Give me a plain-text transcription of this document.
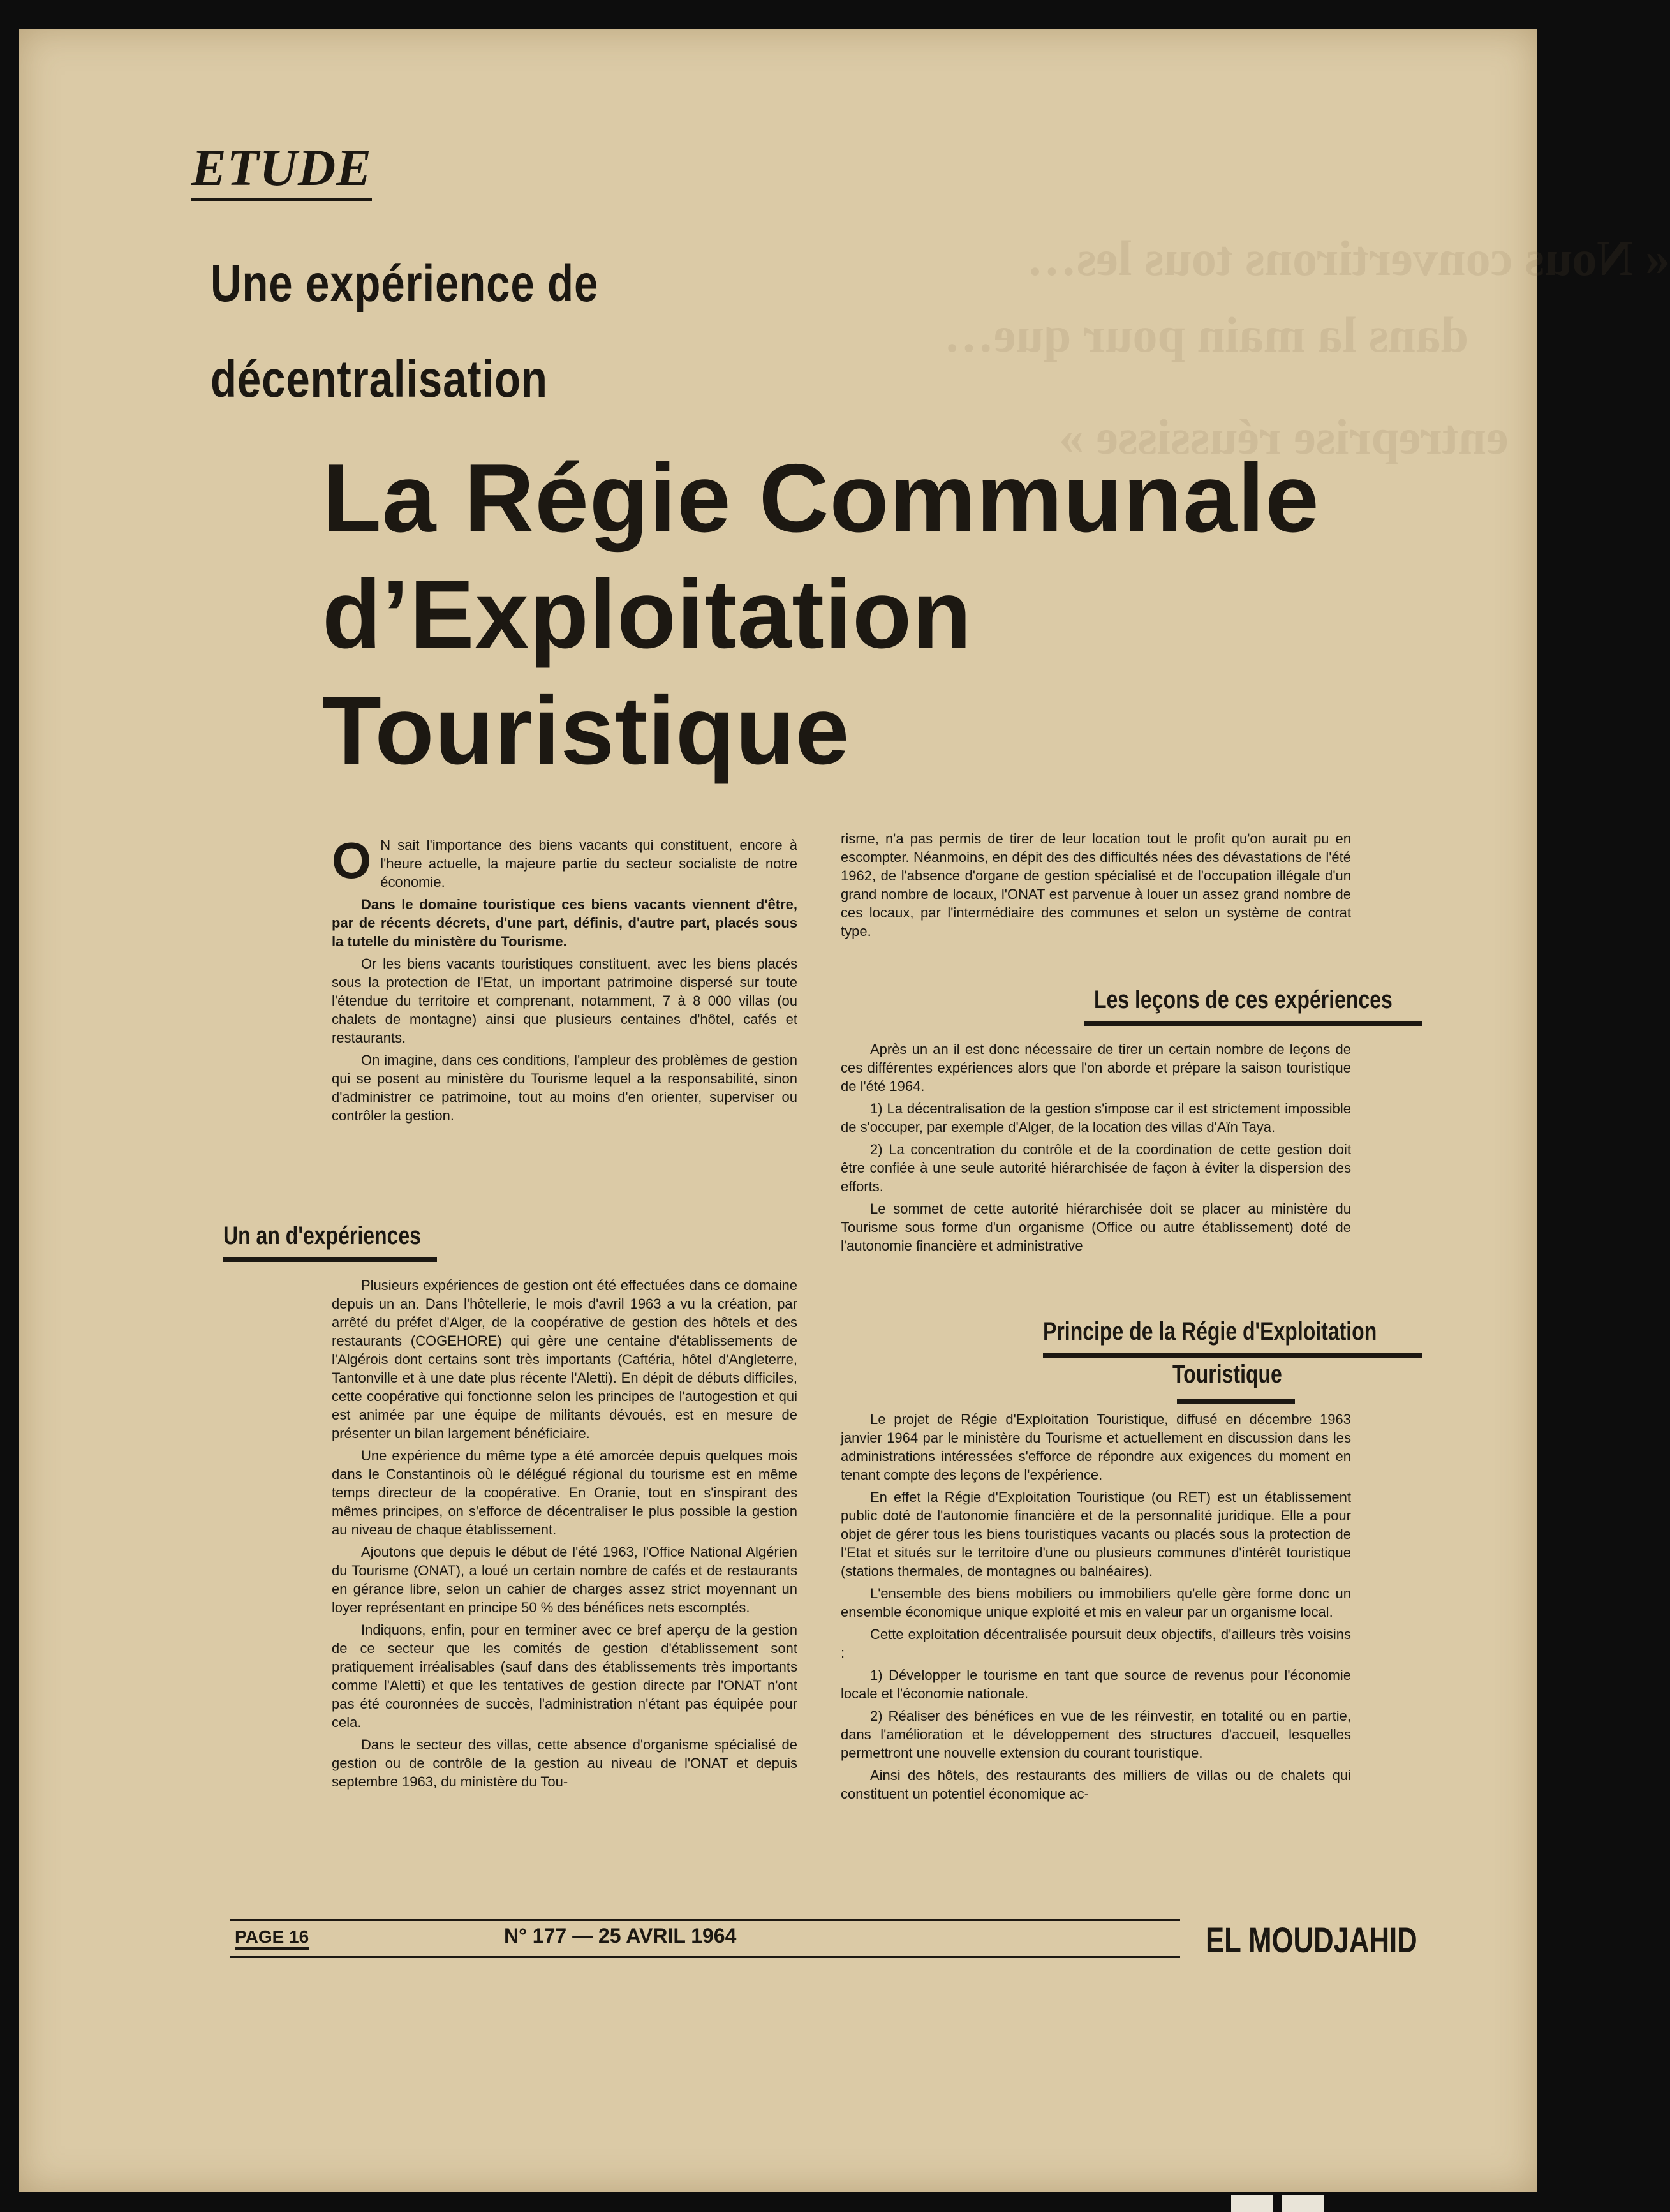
« Nous convertirons tous les…
dans la main pour que…
entreprise réussisse »
ETUDE
Une expérience de
décentralisation
La Régie Communale
d’Exploitation
Touristique

O N sait l'importance des biens vacants qui constituent, encore à l'heure actuelle, la majeure partie du secteur socialiste de notre économie.

Dans le domaine touristique ces biens vacants viennent d'être, par de récents décrets, d'une part, définis, d'autre part, placés sous la tutelle du ministère du Tourisme.

Or les biens vacants touristiques constituent, avec les biens placés sous la protection de l'Etat, un important patrimoine dispersé sur toute l'étendue du territoire et comprenant, notamment, 7 à 8 000 villas (ou chalets de montagne) ainsi que plusieurs centaines d'hôtel, cafés et restaurants.

On imagine, dans ces conditions, l'ampleur des problèmes de gestion qui se posent au ministère du Tourisme lequel a la responsabilité, sinon d'administrer ce patrimoine, tout au moins d'en orienter, superviser ou contrôler la gestion.

Un an d'expériences

Plusieurs expériences de gestion ont été effectuées dans ce domaine depuis un an. Dans l'hôtellerie, le mois d'avril 1963 a vu la création, par arrêté du préfet d'Alger, de la coopérative de gestion des hôtels et des restaurants (COGEHORE) qui gère une centaine d'établissements de l'Algérois dont certains sont très importants (Caftéria, hôtel d'Angleterre, Tantonville et à une date plus récente l'Aletti). En dépit de débuts difficiles, cette coopérative qui fonctionne selon les principes de l'autogestion et qui est animée par une équipe de militants dévoués, est en mesure de présenter un bilan largement bénéficiaire.

Une expérience du même type a été amorcée depuis quelques mois dans le Constantinois où le délégué régional du tourisme est en même temps directeur de la coopérative. En Oranie, tout en s'inspirant des mêmes principes, on s'efforce de décentraliser le plus possible la gestion au niveau de chaque établissement.

Ajoutons que depuis le début de l'été 1963, l'Office National Algérien du Tourisme (ONAT), a loué un certain nombre de cafés et de restaurants en gérance libre, selon un cahier de charges assez strict moyennant un loyer représentant en principe 50 % des bénéfices nets escomptés.

Indiquons, enfin, pour en terminer avec ce bref aperçu de la gestion de ce secteur que les comités de gestion d'établissement sont pratiquement irréalisables (sauf dans des établissements très importants comme l'Aletti) et que les tentatives de gestion directe par l'ONAT n'ont pas été couronnées de succès, l'administration n'étant pas équipée pour cela.

Dans le secteur des villas, cette absence d'organisme spécialisé de gestion ou de contrôle de la gestion au niveau de l'ONAT et depuis septembre 1963, du ministère du Tou-

risme, n'a pas permis de tirer de leur location tout le profit qu'on aurait pu en escompter. Néanmoins, en dépit des des difficultés nées des dévastations de l'été 1962, de l'absence d'organe de gestion spécialisé et de l'occupation illégale d'un grand nombre de locaux, l'ONAT est parvenue à louer un assez grand nombre de ces locaux, par l'intermédiaire des communes et selon un système de contrat type.

Les leçons de ces expériences

Après un an il est donc nécessaire de tirer un certain nombre de leçons de ces différentes expériences alors que l'on aborde et prépare la saison touristique de l'été 1964.

1) La décentralisation de la gestion s'impose car il est strictement impossible de s'occuper, par exemple d'Alger, de la location des villas d'Aïn Taya.

2) La concentration du contrôle et de la coordination de cette gestion doit être confiée à une seule autorité hiérarchisée de façon à éviter la dispersion des efforts.

Le sommet de cette autorité hiérarchisée doit se placer au ministère du Tourisme sous forme d'un organisme (Office ou autre établissement) doté de l'autonomie financière et administrative

Principe de la Régie d'Exploitation
Touristique

Le projet de Régie d'Exploitation Touristique, diffusé en décembre 1963 janvier 1964 par le ministère du Tourisme et actuellement en discussion dans les administrations intéressées s'efforce de répondre aux exigences du moment en tenant compte des leçons de l'expérience.

En effet la Régie d'Exploitation Touristique (ou RET) est un établissement public doté de l'autonomie financière et de la personnalité juridique. Elle a pour objet de gérer tous les biens touristiques vacants ou placés sous la protection de l'Etat et situés sur le territoire d'une ou plusieurs communes d'intérêt touristique (stations thermales, de montagnes ou balnéaires).

L'ensemble des biens mobiliers ou immobiliers qu'elle gère forme donc un ensemble économique unique exploité et mis en valeur par un organisme local.

Cette exploitation décentralisée poursuit deux objectifs, d'ailleurs très voisins :

1) Développer le tourisme en tant que source de revenus pour l'économie locale et l'économie nationale.

2) Réaliser des bénéfices en vue de les réinvestir, en totalité ou en partie, dans l'amélioration et le développement des structures d'accueil, lesquelles permettront une nouvelle extension du courant touristique.

Ainsi des hôtels, des restaurants des milliers de villas ou de chalets qui constituent un potentiel économique ac-

PAGE 16	N° 177 — 25 AVRIL 1964	EL MOUDJAHID
